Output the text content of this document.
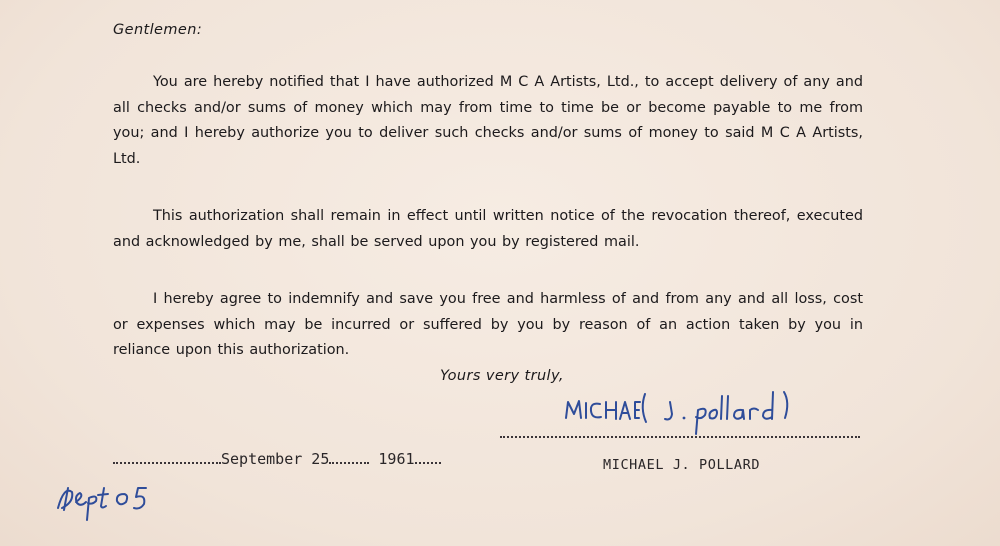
Gentlemen:
You are hereby notified that I have authorized M C A Artists, Ltd., to accept delivery of any and all checks and/or sums of money which may from time to time be or become payable to me from you; and I hereby authorize you to deliver such checks and/or sums of money to said M C A Artists, Ltd.
This authorization shall remain in effect until written notice of the revocation thereof, executed and acknowledged by me, shall be served upon you by registered mail.
I hereby agree to indemnify and save you free and harmless of and from any and all loss, cost or expenses which may be incurred or suffered by you by reason of an action taken by you in reliance upon this authorization.
Yours very truly,
MICHAEL J. POLLARD
September 25	1961
